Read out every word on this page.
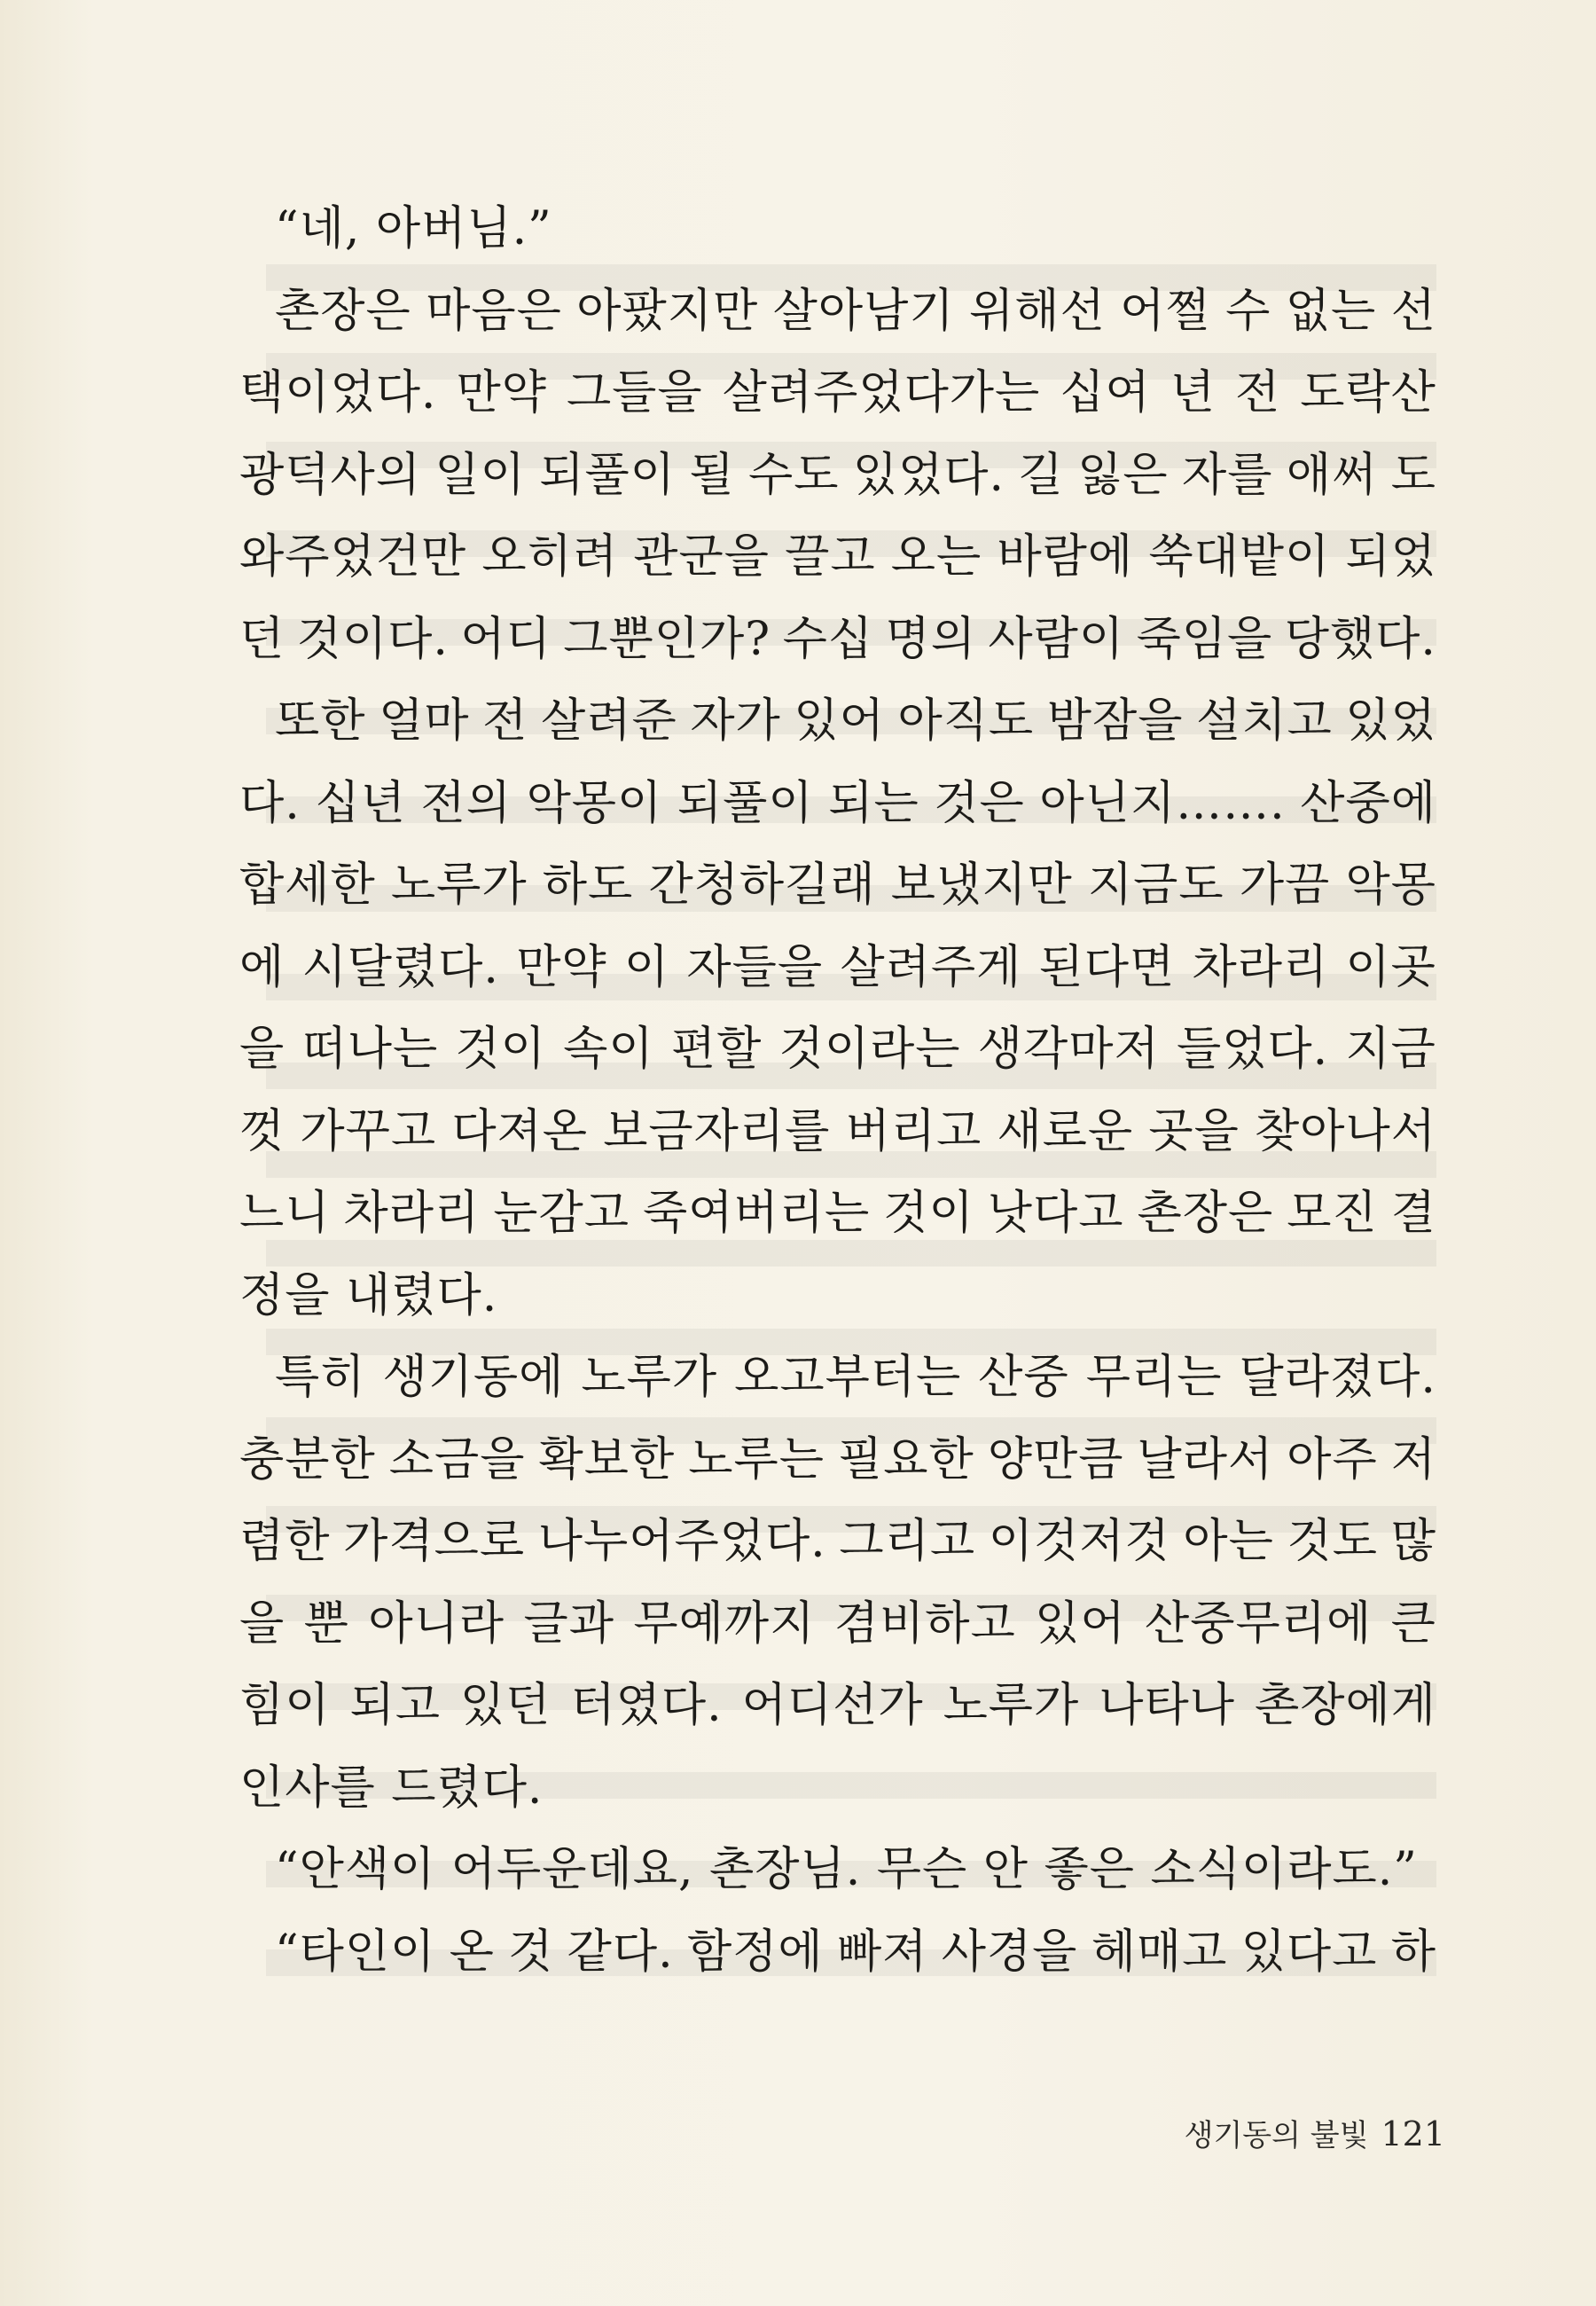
“네, 아버님.”
촌장은 마음은 아팠지만 살아남기 위해선 어쩔 수 없는 선
택이었다. 만약 그들을 살려주었다가는 십여 년 전 도락산
광덕사의 일이 되풀이 될 수도 있었다. 길 잃은 자를 애써 도
와주었건만 오히려 관군을 끌고 오는 바람에 쑥대밭이 되었
던 것이다. 어디 그뿐인가? 수십 명의 사람이 죽임을 당했다.
또한 얼마 전 살려준 자가 있어 아직도 밤잠을 설치고 있었
다. 십년 전의 악몽이 되풀이 되는 것은 아닌지……. 산중에
합세한 노루가 하도 간청하길래 보냈지만 지금도 가끔 악몽
에 시달렸다. 만약 이 자들을 살려주게 된다면 차라리 이곳
을 떠나는 것이 속이 편할 것이라는 생각마저 들었다. 지금
껏 가꾸고 다져온 보금자리를 버리고 새로운 곳을 찾아나서
느니 차라리 눈감고 죽여버리는 것이 낫다고 촌장은 모진 결
정을 내렸다.
특히 생기동에 노루가 오고부터는 산중 무리는 달라졌다.
충분한 소금을 확보한 노루는 필요한 양만큼 날라서 아주 저
렴한 가격으로 나누어주었다. 그리고 이것저것 아는 것도 많
을 뿐 아니라 글과 무예까지 겸비하고 있어 산중무리에 큰
힘이 되고 있던 터였다. 어디선가 노루가 나타나 촌장에게
인사를 드렸다.
“안색이 어두운데요, 촌장님. 무슨 안 좋은 소식이라도.”
“타인이 온 것 같다. 함정에 빠져 사경을 헤매고 있다고 하
생기동의 불빛 121
